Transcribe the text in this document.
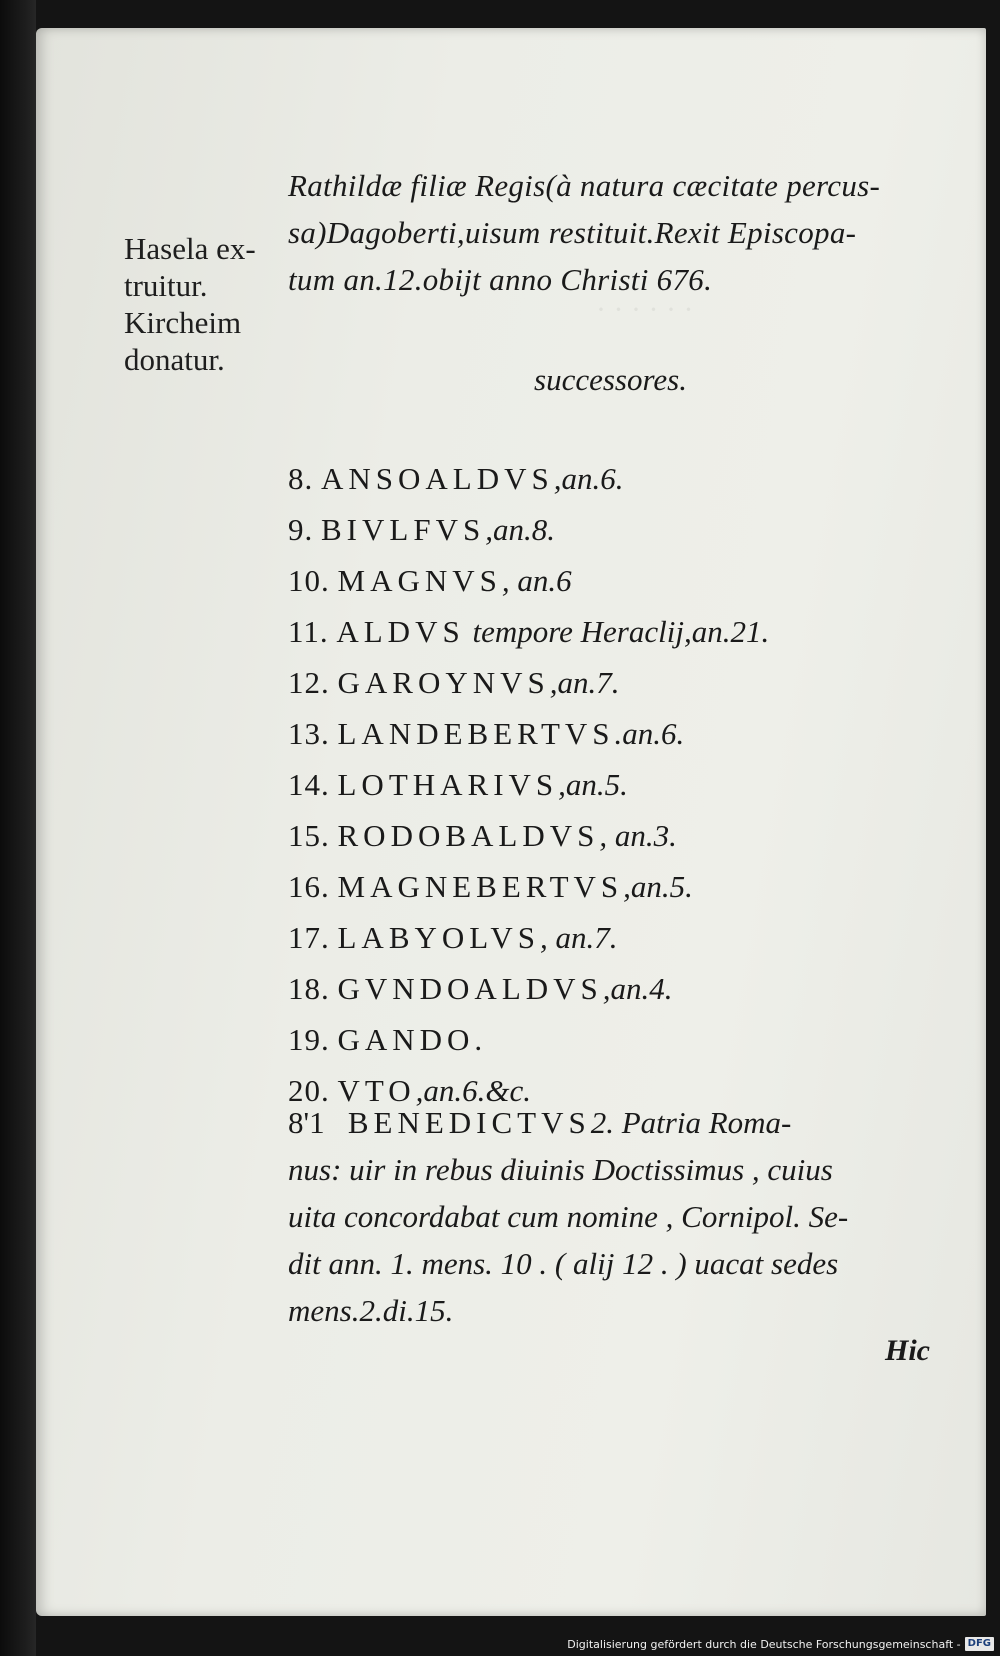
· · · · · ·
Hasela ex-
truitur.
Kircheim
donatur.
Rathildæ filiæ Regis(à natura cæcitate percus-
sa)Dagoberti,uisum restituit.Rexit Episcopa-
tum an.12.obijt anno Christi 676.
successores.
8. ANSOALDVS,an.6.
9. BIVLFVS,an.8.
10. MAGNVS, an.6
11. ALDVS tempore Heraclij,an.21.
12. GAROYNVS,an.7.
13. LANDEBERTVS.an.6.
14. LOTHARIVS,an.5.
15. RODOBALDVS, an.3.
16. MAGNEBERTVS,an.5.
17. LABYOLVS, an.7.
18. GVNDOALDVS,an.4.
19. GANDO.
20. VTO,an.6.&c.
8'1 BENEDICTVS2. Patria Roma-
nus: uir in rebus diuinis Doctissimus , cuius
uita concordabat cum nomine , Cornipol. Se-
dit ann. 1. mens. 10 . ( alij 12 . ) uacat sedes
mens.2.di.15.
Hic
Digitalisierung gefördert durch die Deutsche Forschungsgemeinschaft - DFG
